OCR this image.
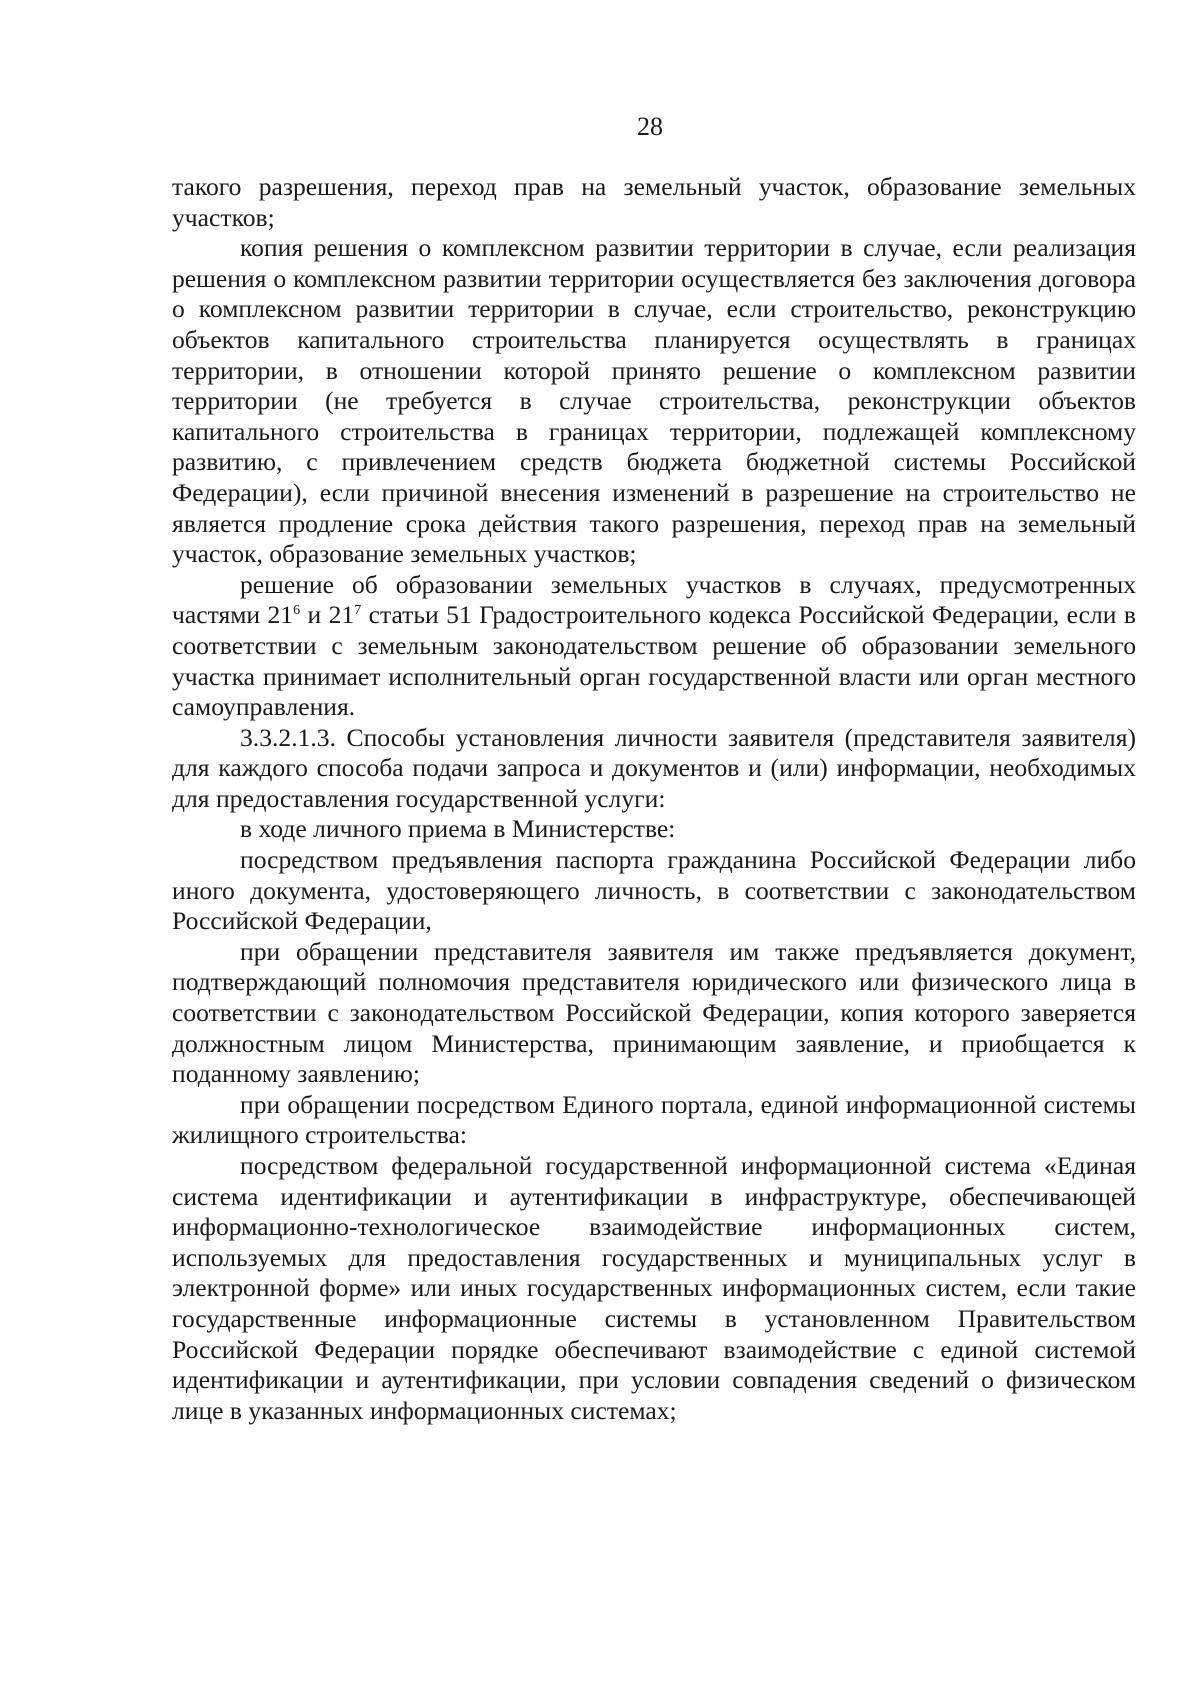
28

такого разрешения, переход прав на земельный участок, образование земельных участков;

копия решения о комплексном развитии территории в случае, если реализация решения о комплексном развитии территории осуществляется без заключения договора о комплексном развитии территории в случае, если строительство, реконструкцию объектов капитального строительства планируется осуществлять в границах территории, в отношении которой принято решение о комплексном развитии территории (не требуется в случае строительства, реконструкции объектов капитального строительства в границах территории, подлежащей комплексному развитию, с привлечением средств бюджета бюджетной системы Российской Федерации), если причиной внесения изменений в разрешение на строительство не является продление срока действия такого разрешения, переход прав на земельный участок, образование земельных участков;

решение об образовании земельных участков в случаях, предусмотренных частями $21^6$ и $21^7$ статьи 51 Градостроительного кодекса Российской Федерации, если в соответствии с земельным законодательством решение об образовании земельного участка принимает исполнительный орган государственной власти или орган местного самоуправления.

3.3.2.1.3. Способы установления личности заявителя (представителя заявителя) для каждого способа подачи запроса и документов и (или) информации, необходимых для предоставления государственной услуги:

в ходе личного приема в Министерстве:

посредством предъявления паспорта гражданина Российской Федерации либо иного документа, удостоверяющего личность, в соответствии с законодательством Российской Федерации,

при обращении представителя заявителя им также предъявляется документ, подтверждающий полномочия представителя юридического или физического лица в соответствии с законодательством Российской Федерации, копия которого заверяется должностным лицом Министерства, принимающим заявление, и приобщается к поданному заявлению;

при обращении посредством Единого портала, единой информационной системы жилищного строительства:

посредством федеральной государственной информационной система «Единая система идентификации и аутентификации в инфраструктуре, обеспечивающей информационно-технологическое взаимодействие информационных систем, используемых для предоставления государственных и муниципальных услуг в электронной форме» или иных государственных информационных систем, если такие государственные информационные системы в установленном Правительством Российской Федерации порядке обеспечивают взаимодействие с единой системой идентификации и аутентификации, при условии совпадения сведений о физическом лице в указанных информационных системах;
